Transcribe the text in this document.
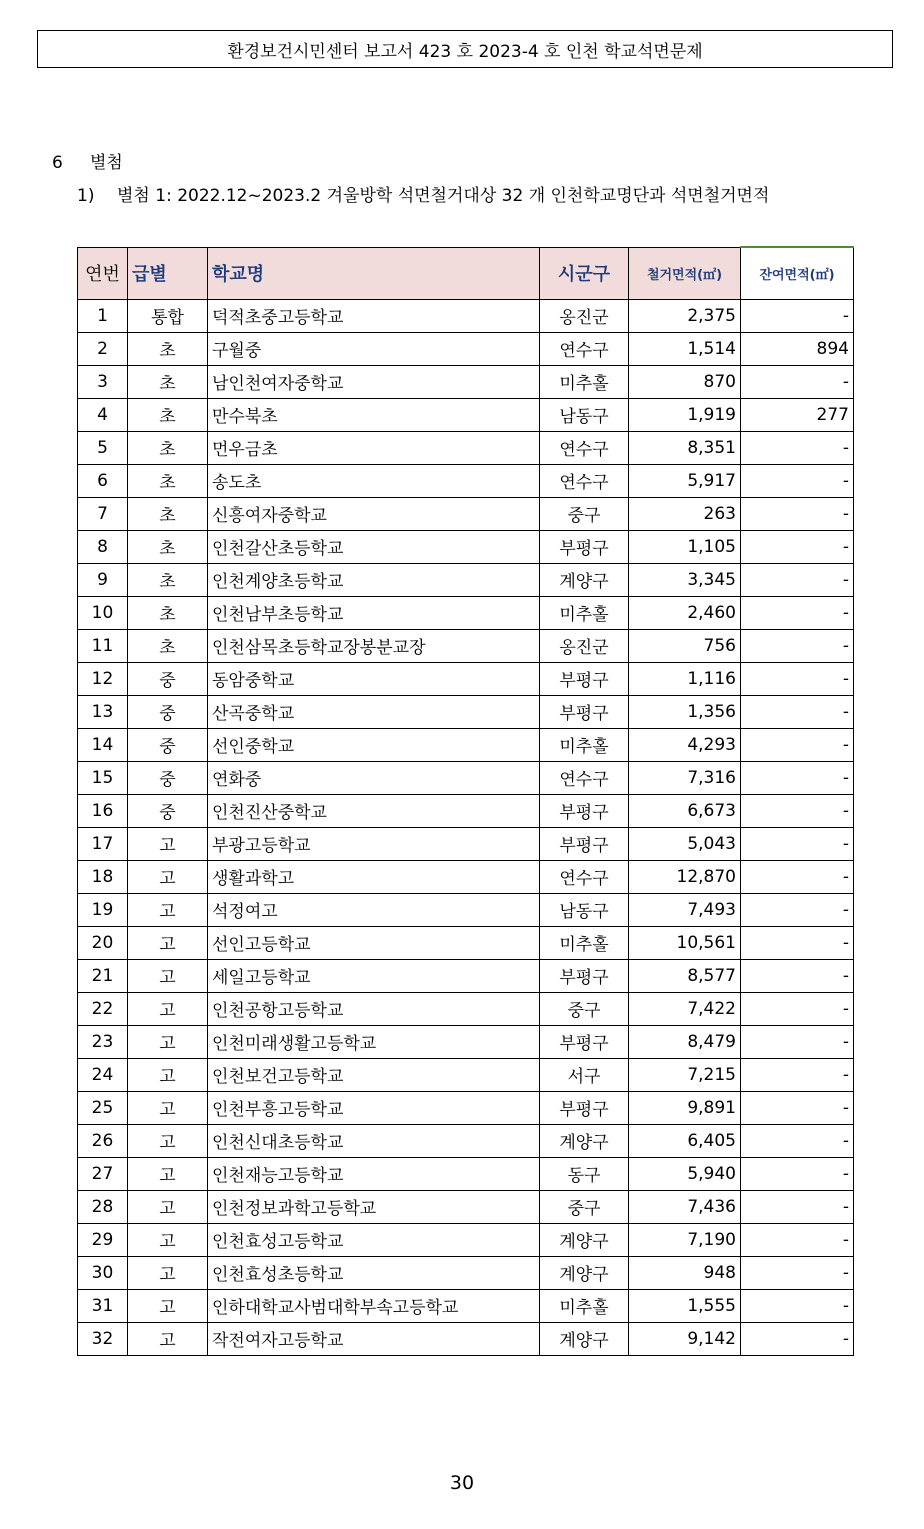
환경보건시민센터 보고서 423 호 2023-4 호 인천 학교석면문제
6 별첨
1) 별첨 1: 2022.12~2023.2 겨울방학 석면철거대상 32 개 인천학교명단과 석면철거면적
연번	급별	학교명	시군구	철거면적(㎡)	잔여면적(㎡)
1	통합	덕적초중고등학교	옹진군	2,375	-
2	초	구월중	연수구	1,514	894
3	초	남인천여자중학교	미추홀	870	-
4	초	만수북초	남동구	1,919	277
5	초	먼우금초	연수구	8,351	-
6	초	송도초	연수구	5,917	-
7	초	신흥여자중학교	중구	263	-
8	초	인천갈산초등학교	부평구	1,105	-
9	초	인천계양초등학교	계양구	3,345	-
10	초	인천남부초등학교	미추홀	2,460	-
11	초	인천삼목초등학교장봉분교장	옹진군	756	-
12	중	동암중학교	부평구	1,116	-
13	중	산곡중학교	부평구	1,356	-
14	중	선인중학교	미추홀	4,293	-
15	중	연화중	연수구	7,316	-
16	중	인천진산중학교	부평구	6,673	-
17	고	부광고등학교	부평구	5,043	-
18	고	생활과학고	연수구	12,870	-
19	고	석정여고	남동구	7,493	-
20	고	선인고등학교	미추홀	10,561	-
21	고	세일고등학교	부평구	8,577	-
22	고	인천공항고등학교	중구	7,422	-
23	고	인천미래생활고등학교	부평구	8,479	-
24	고	인천보건고등학교	서구	7,215	-
25	고	인천부흥고등학교	부평구	9,891	-
26	고	인천신대초등학교	계양구	6,405	-
27	고	인천재능고등학교	동구	5,940	-
28	고	인천정보과학고등학교	중구	7,436	-
29	고	인천효성고등학교	계양구	7,190	-
30	고	인천효성초등학교	계양구	948	-
31	고	인하대학교사범대학부속고등학교	미추홀	1,555	-
32	고	작전여자고등학교	계양구	9,142	-
30
